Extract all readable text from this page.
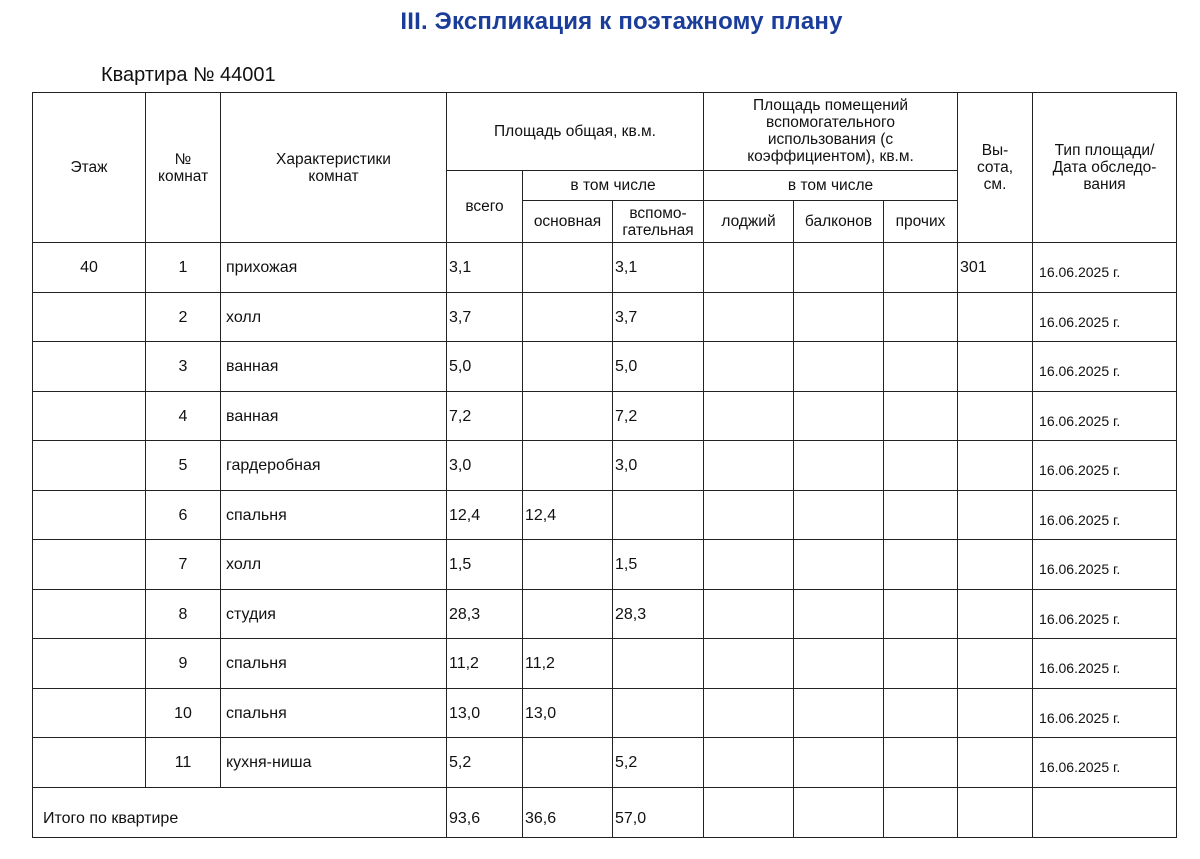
III. Экспликация к поэтажному плану
Квартира № 44001
Этаж	№ комнат	Характеристики комнат	Площадь общая, кв.м.			Площадь помещений вспомогательного использования (с коэффициентом), кв.м.			Вы-сота, см.	Тип площади/ Дата обследо-вания
			всего	в том числе		в том числе				
				основная	вспомо-гательная	лоджий	балконов	прочих		
40	1	прихожая	3,1		3,1				301	16.06.2025 г.
	2	холл	3,7		3,7					16.06.2025 г.
	3	ванная	5,0		5,0					16.06.2025 г.
	4	ванная	7,2		7,2					16.06.2025 г.
	5	гардеробная	3,0		3,0					16.06.2025 г.
	6	спальня	12,4	12,4						16.06.2025 г.
	7	холл	1,5		1,5					16.06.2025 г.
	8	студия	28,3		28,3					16.06.2025 г.
	9	спальня	11,2	11,2						16.06.2025 г.
	10	спальня	13,0	13,0						16.06.2025 г.
	11	кухня-ниша	5,2		5,2					16.06.2025 г.
Итого по квартире			93,6	36,6	57,0					
